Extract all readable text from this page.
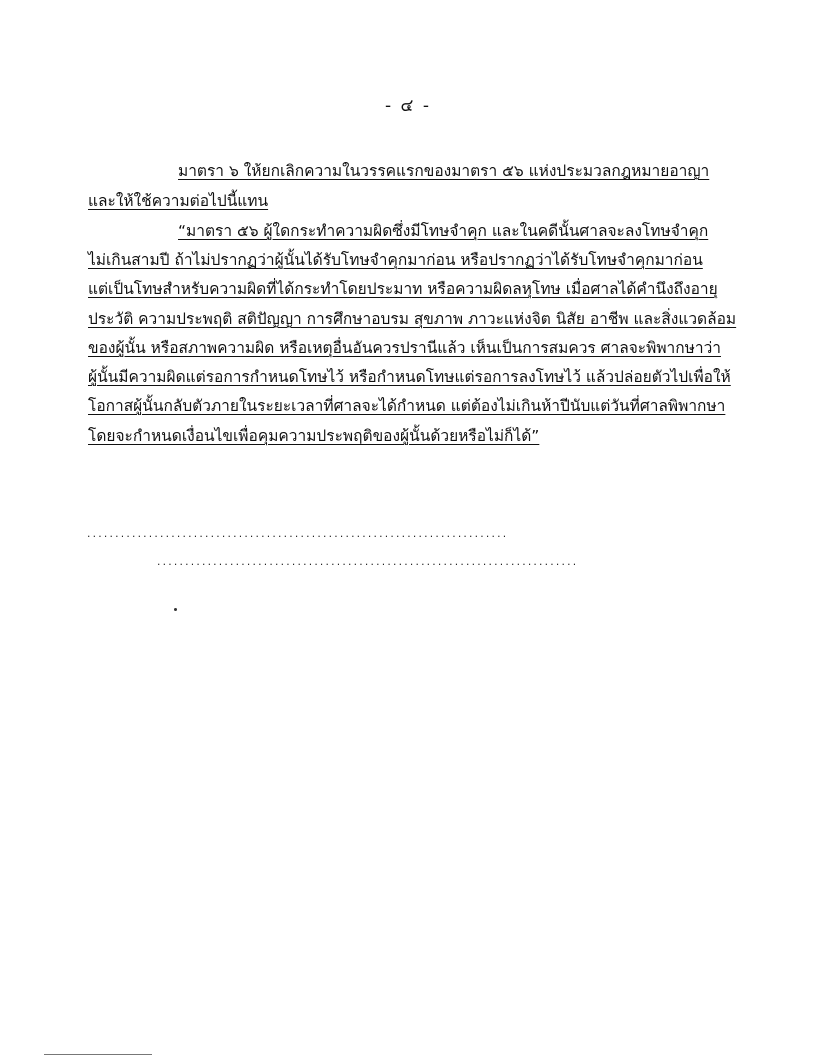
- ๔ -
มาตรา ๖ ให้ยกเลิกความในวรรคแรกของมาตรา ๕๖ แห่งประมวลกฎหมายอาญา
และให้ใช้ความต่อไปนี้แทน
“มาตรา ๕๖ ผู้ใดกระทำความผิดซึ่งมีโทษจำคุก และในคดีนั้นศาลจะลงโทษจำคุก
ไม่เกินสามปี ถ้าไม่ปรากฏว่าผู้นั้นได้รับโทษจำคุกมาก่อน หรือปรากฏว่าได้รับโทษจำคุกมาก่อน
แต่เป็นโทษสำหรับความผิดที่ได้กระทำโดยประมาท หรือความผิดลหุโทษ เมื่อศาลได้คำนึงถึงอายุ
ประวัติ ความประพฤติ สติปัญญา การศึกษาอบรม สุขภาพ ภาวะแห่งจิต นิสัย อาชีพ และสิ่งแวดล้อม
ของผู้นั้น หรือสภาพความผิด หรือเหตุอื่นอันควรปรานีแล้ว เห็นเป็นการสมควร ศาลจะพิพากษาว่า
ผู้นั้นมีความผิดแต่รอการกำหนดโทษไว้ หรือกำหนดโทษแต่รอการลงโทษไว้ แล้วปล่อยตัวไปเพื่อให้
โอกาสผู้นั้นกลับตัวภายในระยะเวลาที่ศาลจะได้กำหนด แต่ต้องไม่เกินห้าปีนับแต่วันที่ศาลพิพากษา
โดยจะกำหนดเงื่อนไขเพื่อคุมความประพฤติของผู้นั้นด้วยหรือไม่ก็ได้”
...........................................................................
...........................................................................
